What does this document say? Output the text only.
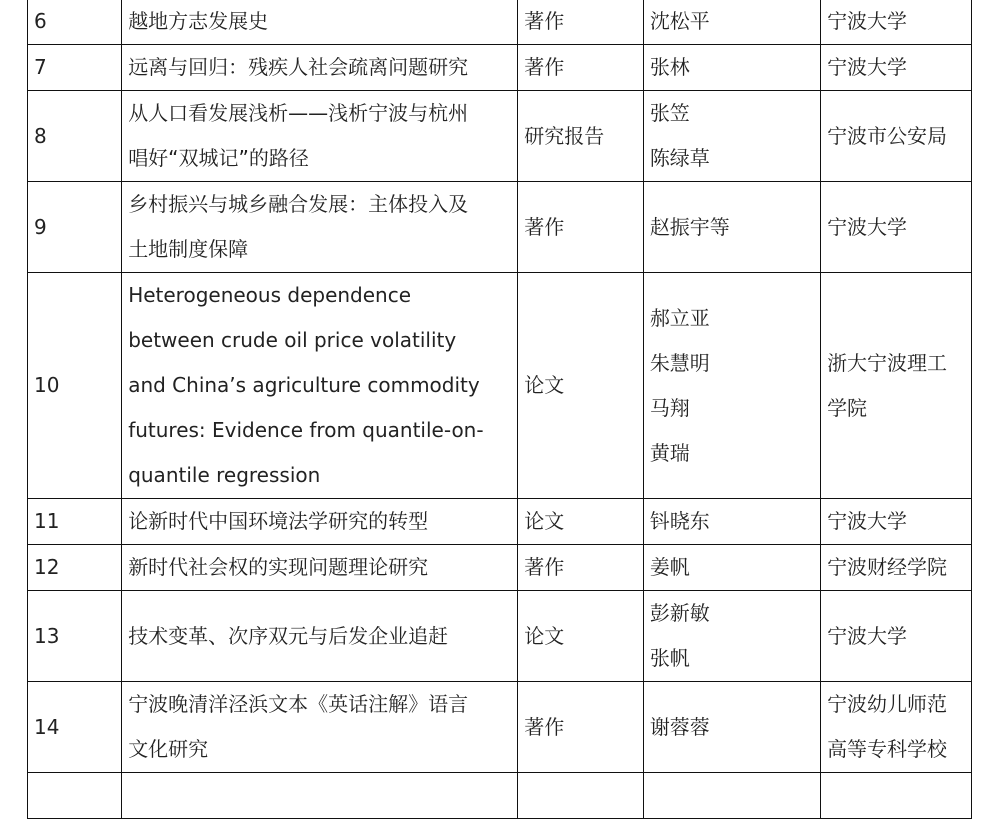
6	越地方志发展史	著作	沈松平	宁波大学

7	远离与回归：残疾人社会疏离问题研究	著作	张林	宁波大学

8	从人口看发展浅析——浅析宁波与杭州
唱好“双城记”的路径	研究报告	张笠
陈绿草	宁波市公安局

9	乡村振兴与城乡融合发展：主体投入及
土地制度保障	著作	赵振宇等	宁波大学

10	Heterogeneous dependence
between crude oil price volatility
and China’s agriculture commodity
futures: Evidence from quantile-on-
quantile regression	论文	郝立亚
朱慧明
马翔
黄瑞	浙大宁波理工
学院

11	论新时代中国环境法学研究的转型	论文	钭晓东	宁波大学

12	新时代社会权的实现问题理论研究	著作	姜帆	宁波财经学院

13	技术变革、次序双元与后发企业追赶	论文	彭新敏
张帆	宁波大学

14	宁波晚清洋泾浜文本《英话注解》语言
文化研究	著作	谢蓉蓉	宁波幼儿师范
高等专科学校
